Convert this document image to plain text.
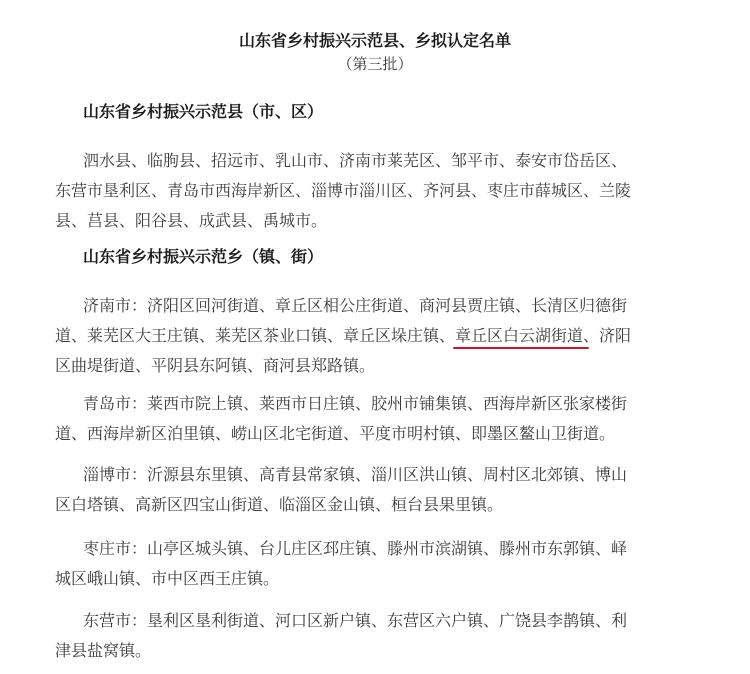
山东省乡村振兴示范县、乡拟认定名单
（第三批）
山东省乡村振兴示范县（市、区）
泗水县、临朐县、招远市、乳山市、济南市莱芜区、邹平市、泰安市岱岳区、
东营市垦利区、青岛市西海岸新区、淄博市淄川区、齐河县、枣庄市薛城区、兰陵
县、莒县、阳谷县、成武县、禹城市。
山东省乡村振兴示范乡（镇、街）
济南市：济阳区回河街道、章丘区相公庄街道、商河县贾庄镇、长清区归德街
道、莱芜区大王庄镇、莱芜区茶业口镇、章丘区垛庄镇、章丘区白云湖街道、济阳
区曲堤街道、平阴县东阿镇、商河县郑路镇。
青岛市：莱西市院上镇、莱西市日庄镇、胶州市铺集镇、西海岸新区张家楼街
道、西海岸新区泊里镇、崂山区北宅街道、平度市明村镇、即墨区鳌山卫街道。
淄博市：沂源县东里镇、高青县常家镇、淄川区洪山镇、周村区北郊镇、博山
区白塔镇、高新区四宝山街道、临淄区金山镇、桓台县果里镇。
枣庄市：山亭区城头镇、台儿庄区邳庄镇、滕州市滨湖镇、滕州市东郭镇、峄
城区峨山镇、市中区西王庄镇。
东营市：垦利区垦利街道、河口区新户镇、东营区六户镇、广饶县李鹊镇、利
津县盐窝镇。
